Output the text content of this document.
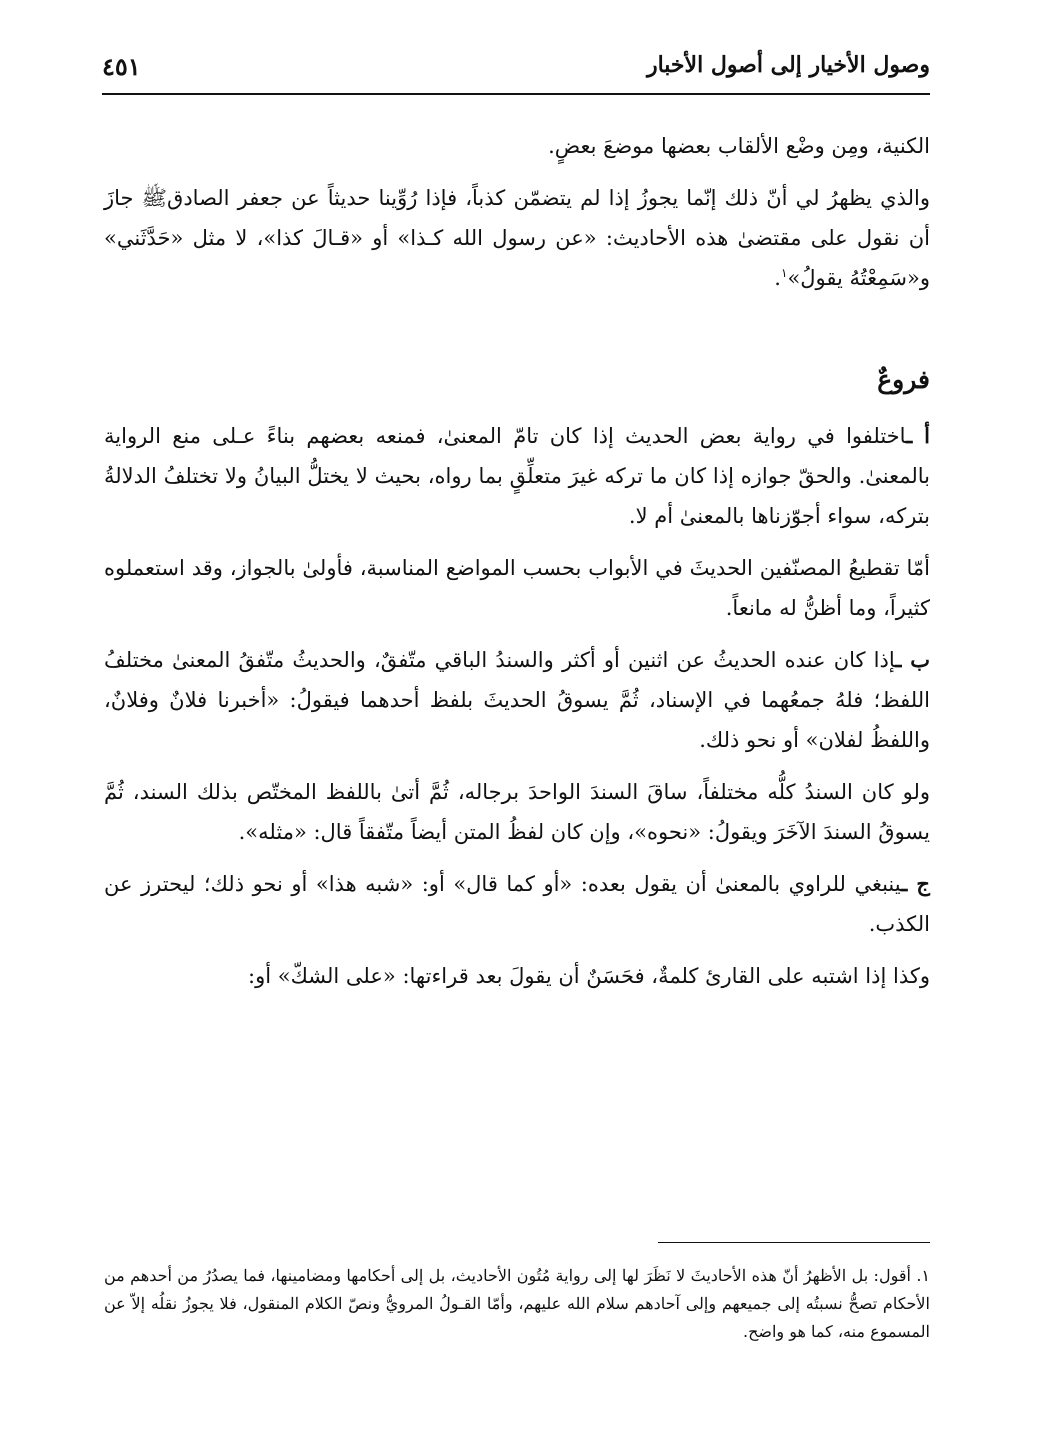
وصول الأخيار إلى أصول الأخبار
٤٥١

الكنية، ومِن وضْع الألقاب بعضها موضعَ بعضٍ.

والذي يظهرُ لي أنّ ذلك إنّما يجوزُ إذا لم يتضمّن كذباً، فإذا رُوِّينا حديثاً عن جعفر الصادقﷺ جازَ أن نقول على مقتضىٰ هذه الأحاديث: «عن رسول الله كـذا» أو «قـالَ كذا»، لا مثل «حَدَّثَني» و«سَمِعْتُهُ يقولُ»$^١$.

فروعٌ

أ ـاختلفوا في رواية بعض الحديث إذا كان تامّ المعنىٰ، فمنعه بعضهم بناءً عـلى منع الرواية بالمعنىٰ. والحقّ جوازه إذا كان ما تركه غيرَ متعلِّقٍ بما رواه، بحيث لا يختلُّ البيانُ ولا تختلفُ الدلالةُ بتركه، سواء أجوّزناها بالمعنىٰ أم لا.

أمّا تقطيعُ المصنّفين الحديثَ في الأبواب بحسب المواضع المناسبة، فأولىٰ بالجواز، وقد استعملوه كثيراً، وما أظنُّ له مانعاً.

ب ـإذا كان عنده الحديثُ عن اثنين أو أكثر والسندُ الباقي متّفقٌ، والحديثُ متّفقُ المعنىٰ مختلفُ اللفظ؛ فلهُ جمعُهما في الإسناد، ثُمَّ يسوقُ الحديثَ بلفظ أحدهما فيقولُ: «أخبرنا فلانٌ وفلانٌ، واللفظُ لفلان» أو نحو ذلك.

ولو كان السندُ كلُّه مختلفاً، ساقَ السندَ الواحدَ برجاله، ثُمَّ أتىٰ باللفظ المختّص بذلك السند، ثُمَّ يسوقُ السندَ الآخَرَ ويقولُ: «نحوه»، وإن كان لفظُ المتن أيضاً متّفقاً قال: «مثله».

ج ـينبغي للراوي بالمعنىٰ أن يقول بعده: «أو كما قال» أو: «شبه هذا» أو نحو ذلك؛ ليحترز عن الكذب.

وكذا إذا اشتبه على القارئ كلمةٌ، فحَسَنٌ أن يقولَ بعد قراءتها: «على الشكّ» أو:

١. أقول: بل الأظهرُ أنّ هذه الأحاديثَ لا نَظَرَ لها إلى رواية مُتُون الأحاديث، بل إلى أحكامها ومضامينها، فما يصدُرُ من أحدهم من الأحكام تصحُّ نسبتُه إلى جميعهم وإلى آحادهم سلام الله عليهم، وأمّا القـولُ المرويُّ ونصّ الكلام المنقول، فلا يجوزُ نقلُه إلاّ عن المسموع منه، كما هو واضح.
